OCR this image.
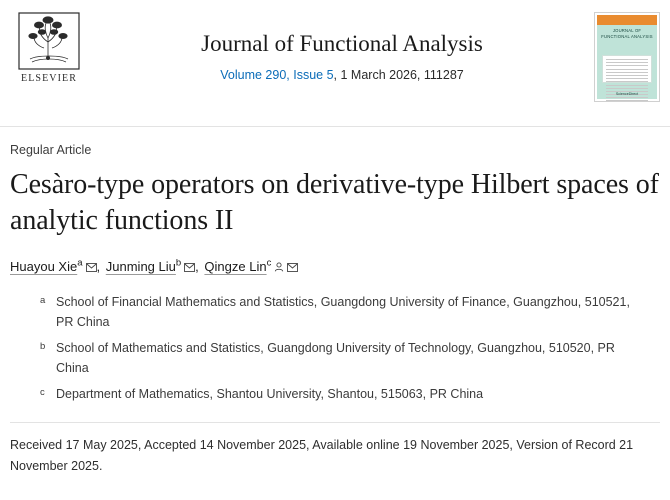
ELSEVIER
Journal of Functional Analysis
Volume 290, Issue 5, 1 March 2026, 111287
JOURNAL OF FUNCTIONAL ANALYSIS
ScienceDirect
Regular Article
Cesàro-type operators on derivative-type Hilbert spaces of analytic functions II
Huayou Xie$^a$ , Junming Liu$^b$ , Qingze Lin$^c$
a School of Financial Mathematics and Statistics, Guangdong University of Finance, Guangzhou, 510521, PR China
b School of Mathematics and Statistics, Guangdong University of Technology, Guangzhou, 510520, PR China
c Department of Mathematics, Shantou University, Shantou, 515063, PR China
Received 17 May 2025, Accepted 14 November 2025, Available online 19 November 2025, Version of Record 21 November 2025.
